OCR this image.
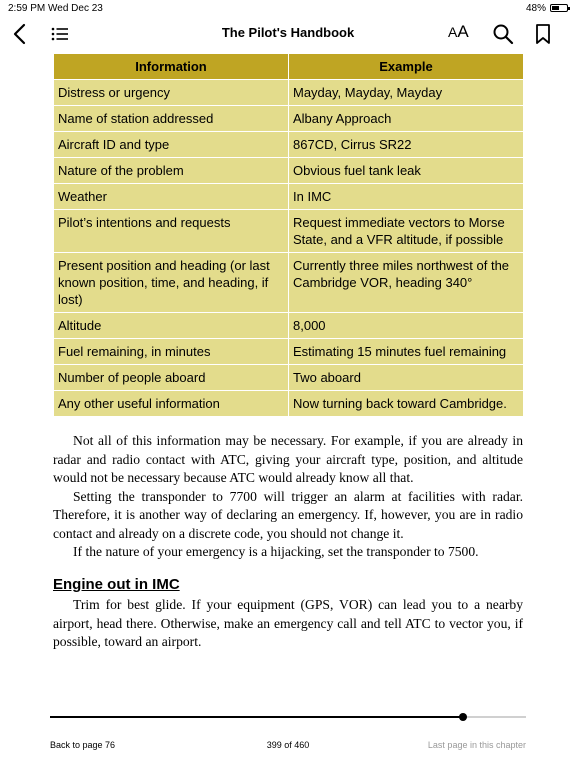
2:59 PM Wed Dec 23	48%
The Pilot's Handbook	AA
Information	Example
Distress or urgency	Mayday, Mayday, Mayday
Name of station addressed	Albany Approach
Aircraft ID and type	867CD, Cirrus SR22
Nature of the problem	Obvious fuel tank leak
Weather	In IMC
Pilot’s intentions and requests	Request immediate vectors to Morse State, and a VFR altitude, if possible
Present position and heading (or last known position, time, and heading, if lost)	Currently three miles northwest of the Cambridge VOR, heading 340°
Altitude	8,000
Fuel remaining, in minutes	Estimating 15 minutes fuel remaining
Number of people aboard	Two aboard
Any other useful information	Now turning back toward Cambridge.

Not all of this information may be necessary. For example, if you are already in radar and radio contact with ATC, giving your aircraft type, position, and altitude would not be necessary because ATC would already know all that.

Setting the transponder to 7700 will trigger an alarm at facilities with radar. Therefore, it is another way of declaring an emergency. If, however, you are in radio contact and already on a discrete code, you should not change it.

If the nature of your emergency is a hijacking, set the transponder to 7500.

Engine out in IMC

Trim for best glide. If your equipment (GPS, VOR) can lead you to a nearby airport, head there. Otherwise, make an emergency call and tell ATC to vector you, if possible, toward an airport.

Back to page 76	399 of 460	Last page in this chapter
